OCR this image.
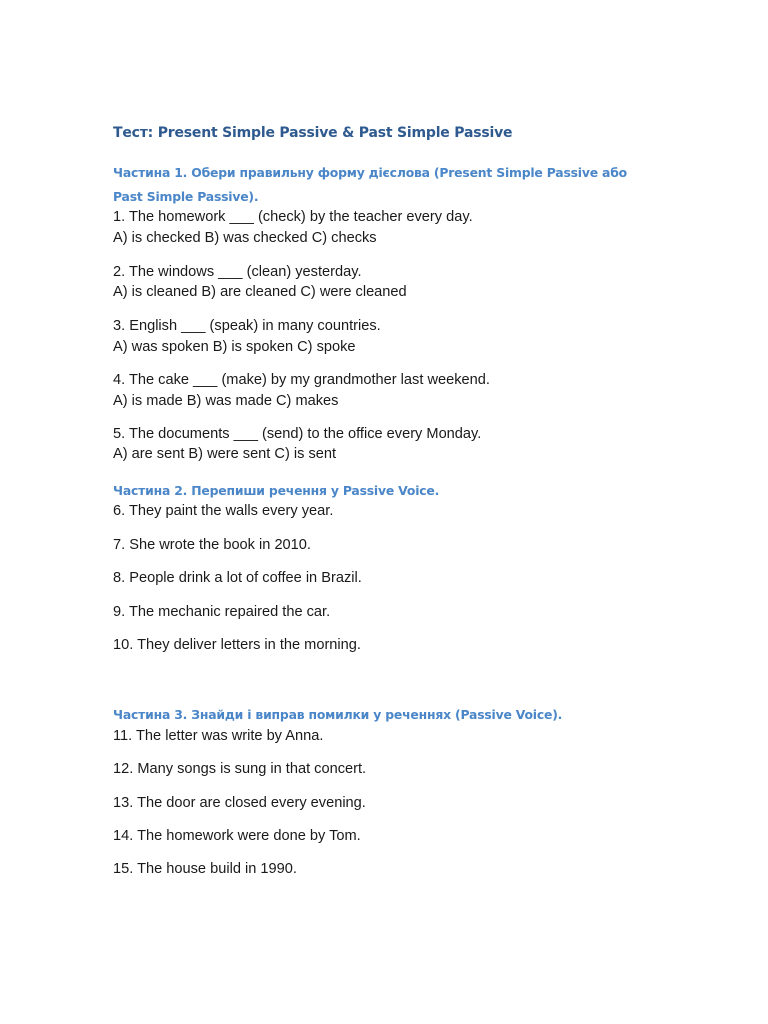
Тест: Present Simple Passive & Past Simple Passive
Частина 1. Обери правильну форму дієслова (Present Simple Passive або
Past Simple Passive).
1. The homework ___ (check) by the teacher every day.
A) is checked B) was checked C) checks
2. The windows ___ (clean) yesterday.
A) is cleaned B) are cleaned C) were cleaned
3. English ___ (speak) in many countries.
A) was spoken B) is spoken C) spoke
4. The cake ___ (make) by my grandmother last weekend.
A) is made B) was made C) makes
5. The documents ___ (send) to the office every Monday.
A) are sent B) were sent C) is sent
Частина 2. Перепиши речення у Passive Voice.
6. They paint the walls every year.
7. She wrote the book in 2010.
8. People drink a lot of coffee in Brazil.
9. The mechanic repaired the car.
10. They deliver letters in the morning.
Частина 3. Знайди і виправ помилки у реченнях (Passive Voice).
11. The letter was write by Anna.
12. Many songs is sung in that concert.
13. The door are closed every evening.
14. The homework were done by Tom.
15. The house build in 1990.
